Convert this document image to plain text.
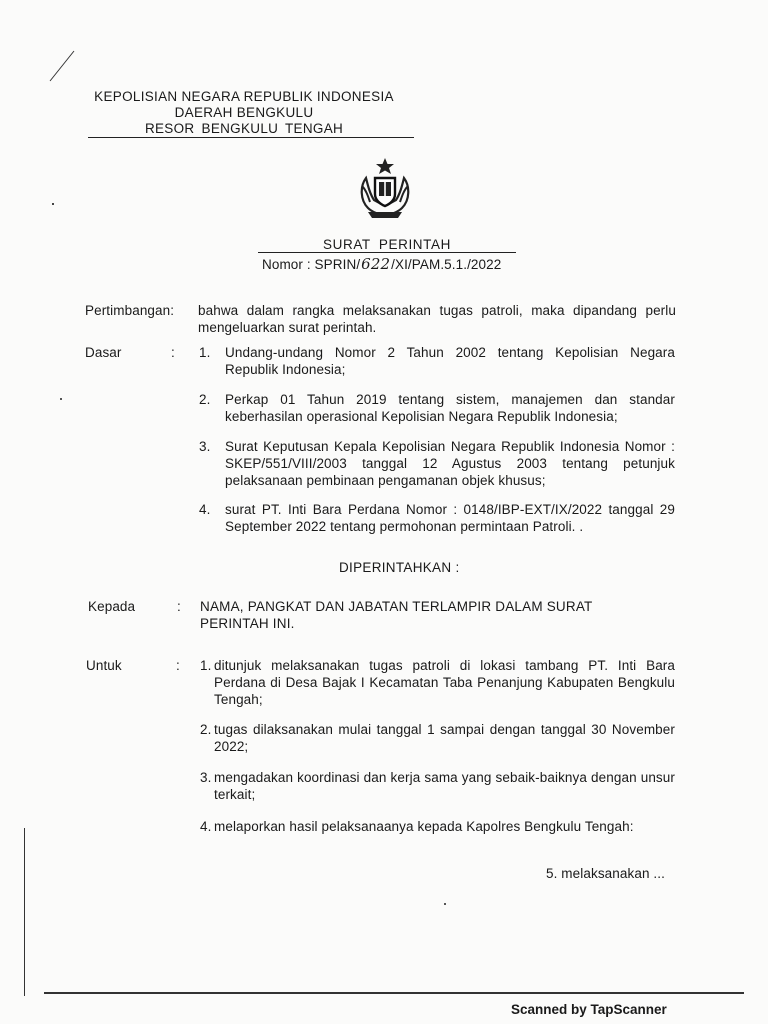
KEPOLISIAN NEGARA REPUBLIK INDONESIA
DAERAH BENGKULU
RESOR BENGKULU TENGAH
SURAT PERINTAH
Nomor : SPRIN/622/XI/PAM.5.1./2022
Pertimbangan: bahwa dalam rangka melaksanakan tugas patroli, maka dipandang perlu mengeluarkan surat perintah.
Dasar	: 1.	Undang-undang Nomor 2 Tahun 2002 tentang Kepolisian Negara Republik Indonesia;
2.	Perkap 01 Tahun 2019 tentang sistem, manajemen dan standar keberhasilan operasional Kepolisian Negara Republik Indonesia;
3.	Surat Keputusan Kepala Kepolisian Negara Republik Indonesia Nomor : SKEP/551/VIII/2003 tanggal 12 Agustus 2003 tentang petunjuk pelaksanaan pembinaan pengamanan objek khusus;
4.	surat PT. Inti Bara Perdana Nomor : 0148/IBP-EXT/IX/2022 tanggal 29 September 2022 tentang permohonan permintaan Patroli. .
DIPERINTAHKAN :
Kepada	: NAMA, PANGKAT DAN JABATAN TERLAMPIR DALAM SURAT PERINTAH INI.
Untuk	: 1. ditunjuk melaksanakan tugas patroli di lokasi tambang PT. Inti Bara Perdana di Desa Bajak I Kecamatan Taba Penanjung Kabupaten Bengkulu Tengah;
2. tugas dilaksanakan mulai tanggal 1 sampai dengan tanggal 30 November 2022;
3. mengadakan koordinasi dan kerja sama yang sebaik-baiknya dengan unsur terkait;
4. melaporkan hasil pelaksanaanya kepada Kapolres Bengkulu Tengah:
5. melaksanakan ...
Scanned by TapScanner
